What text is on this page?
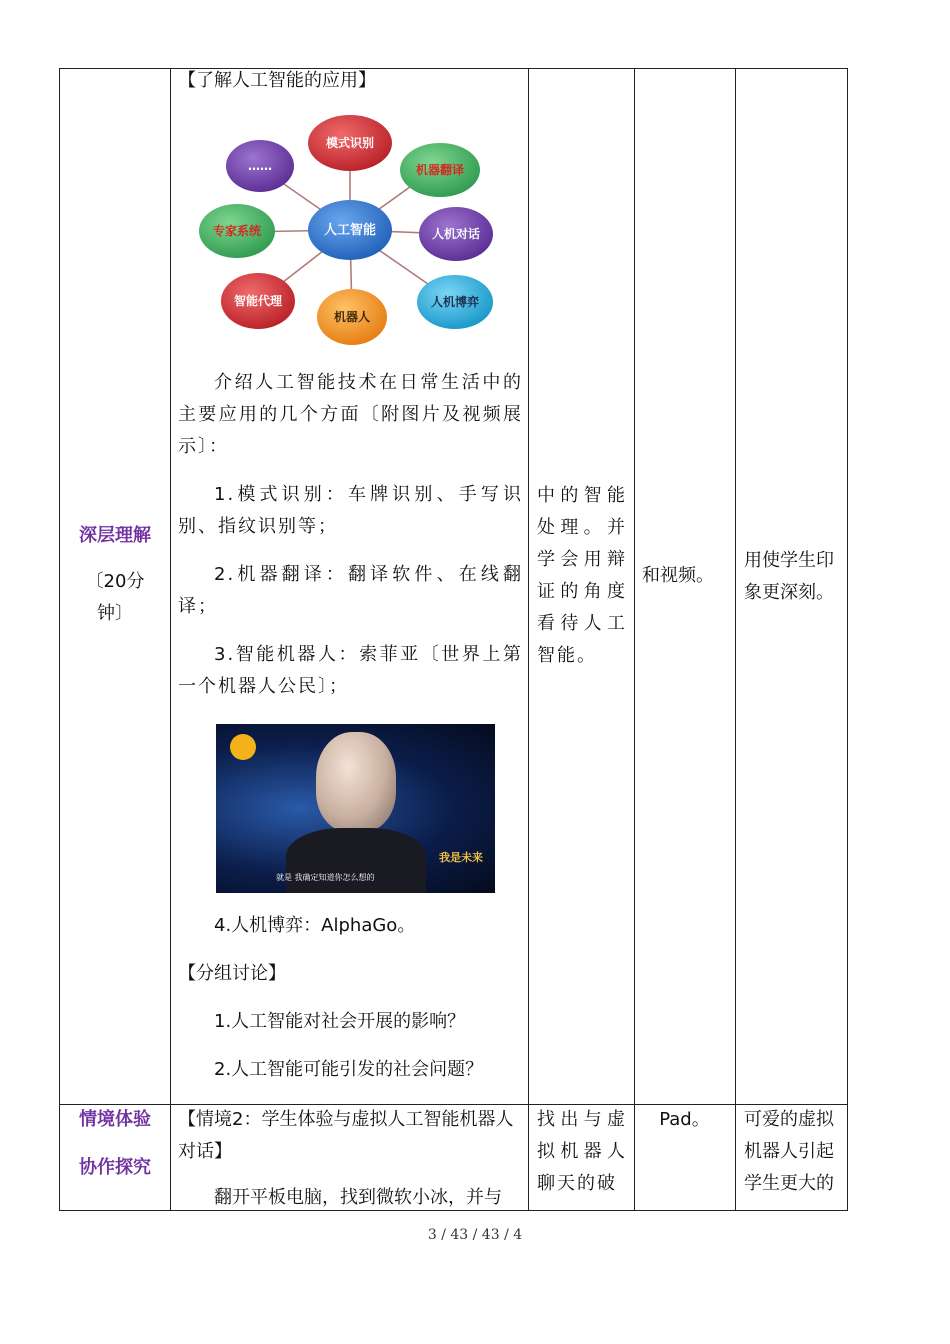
深层理解

〔20分钟〕

【了解人工智能的应用】

模式识别
机器翻译
人机对话
人机博弈
机器人
智能代理
专家系统
……
人工智能

介绍人工智能技术在日常生活中的主要应用的几个方面〔附图片及视频展示〕：

1.模式识别：车牌识别、手写识别、指纹识别等；

2.机器翻译：翻译软件、在线翻译；

3.智能机器人：索菲亚〔世界上第一个机器人公民〕；

我是未来
就是 我确定知道你怎么想的

4.人机博弈：AlphaGo。

【分组讨论】

1.人工智能对社会开展的影响？

2.人工智能可能引发的社会问题？

中的智能处理。并学会用辩证的角度看待人工智能。
和视频。
用使学生印象更深刻。

情境体验

协作探究

【情境2：学生体验与虚拟人工智能机器人对话】

翻开平板电脑，找到微软小冰，并与

找出与虚拟机器人聊天的破
Pad。	可爱的虚拟机器人引起学生更大的
3 / 43 / 43 / 4
